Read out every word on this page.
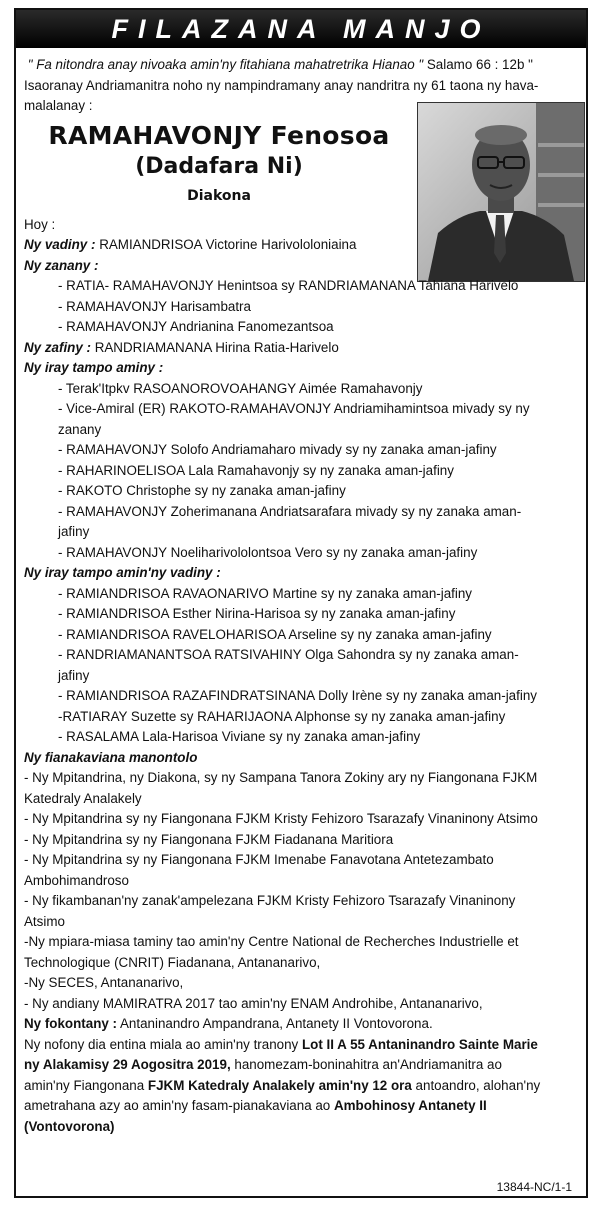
FILAZANA MANJO
" Fa nitondra anay nivoaka amin'ny fitahiana mahatretrika Hianao " Salamo 66 : 12b "
Isaoranay Andriamanitra noho ny nampindramany anay nandritra ny 61 taona ny hava-
malalanay :
RAMAHAVONJY Fenosoa
(Dadafara Ni)
Diakona
Hoy :
Ny vadiny : RAMIANDRISOA Victorine Harivololoniaina
Ny zanany :
- RATIA- RAMAHAVONJY Henintsoa sy RANDRIAMANANA Tahiana Harivelo
- RAMAHAVONJY Harisambatra
- RAMAHAVONJY Andrianina Fanomezantsoa
Ny zafiny : RANDRIAMANANA Hirina Ratia-Harivelo
Ny iray tampo aminy :
- Terak'Itpkv RASOANOROVOAHANGY Aimée Ramahavonjy
- Vice-Amiral (ER) RAKOTO-RAMAHAVONJY Andriamihamintsoa mivady sy ny
zanany
- RAMAHAVONJY Solofo Andriamaharo mivady sy ny zanaka aman-jafiny
- RAHARINOELISOA Lala Ramahavonjy sy ny zanaka aman-jafiny
- RAKOTO Christophe sy ny zanaka aman-jafiny
- RAMAHAVONJY Zoherimanana Andriatsarafara mivady sy ny zanaka aman-
jafiny
- RAMAHAVONJY Noeliharivololontsoa Vero sy ny zanaka aman-jafiny
Ny iray tampo amin'ny vadiny :
- RAMIANDRISOA RAVAONARIVO Martine sy ny zanaka aman-jafiny
- RAMIANDRISOA Esther Nirina-Harisoa sy ny zanaka aman-jafiny
- RAMIANDRISOA RAVELOHARISOA Arseline sy ny zanaka aman-jafiny
- RANDRIAMANANTSOA RATSIVAHINY Olga Sahondra sy ny zanaka aman-
jafiny
- RAMIANDRISOA RAZAFINDRATSINANA Dolly Irène sy ny zanaka aman-jafiny
-RATIARAY Suzette sy RAHARIJAONA Alphonse sy ny zanaka aman-jafiny
- RASALAMA Lala-Harisoa Viviane sy ny zanaka aman-jafiny
Ny fianakaviana manontolo
- Ny Mpitandrina, ny Diakona, sy ny Sampana Tanora Zokiny ary ny Fiangonana FJKM
Katedraly Analakely
- Ny Mpitandrina sy ny Fiangonana FJKM Kristy Fehizoro Tsarazafy Vinaninony Atsimo
- Ny Mpitandrina sy ny Fiangonana FJKM Fiadanana Maritiora
- Ny Mpitandrina sy ny Fiangonana FJKM Imenabe Fanavotana Antetezambato
Ambohimandroso
- Ny fikambanan'ny zanak'ampelezana FJKM Kristy Fehizoro Tsarazafy Vinaninony
Atsimo
-Ny mpiara-miasa taminy tao amin'ny Centre National de Recherches Industrielle et
Technologique (CNRIT) Fiadanana, Antananarivo,
-Ny SECES, Antananarivo,
- Ny andiany MAMIRATRA 2017 tao amin'ny ENAM Androhibe, Antananarivo,
Ny fokontany : Antaninandro Ampandrana, Antanety II Vontovorona.
Ny nofony dia entina miala ao amin'ny tranony Lot II A 55 Antaninandro Sainte Marie
ny Alakamisy 29 Aogositra 2019, hanomezam-boninahitra an'Andriamanitra ao
amin'ny Fiangonana FJKM Katedraly Analakely amin'ny 12 ora antoandro, alohan'ny
ametrahana azy ao amin'ny fasam-pianakaviana ao Ambohinosy Antanety II
(Vontovorona)
13844-NC/1-1
